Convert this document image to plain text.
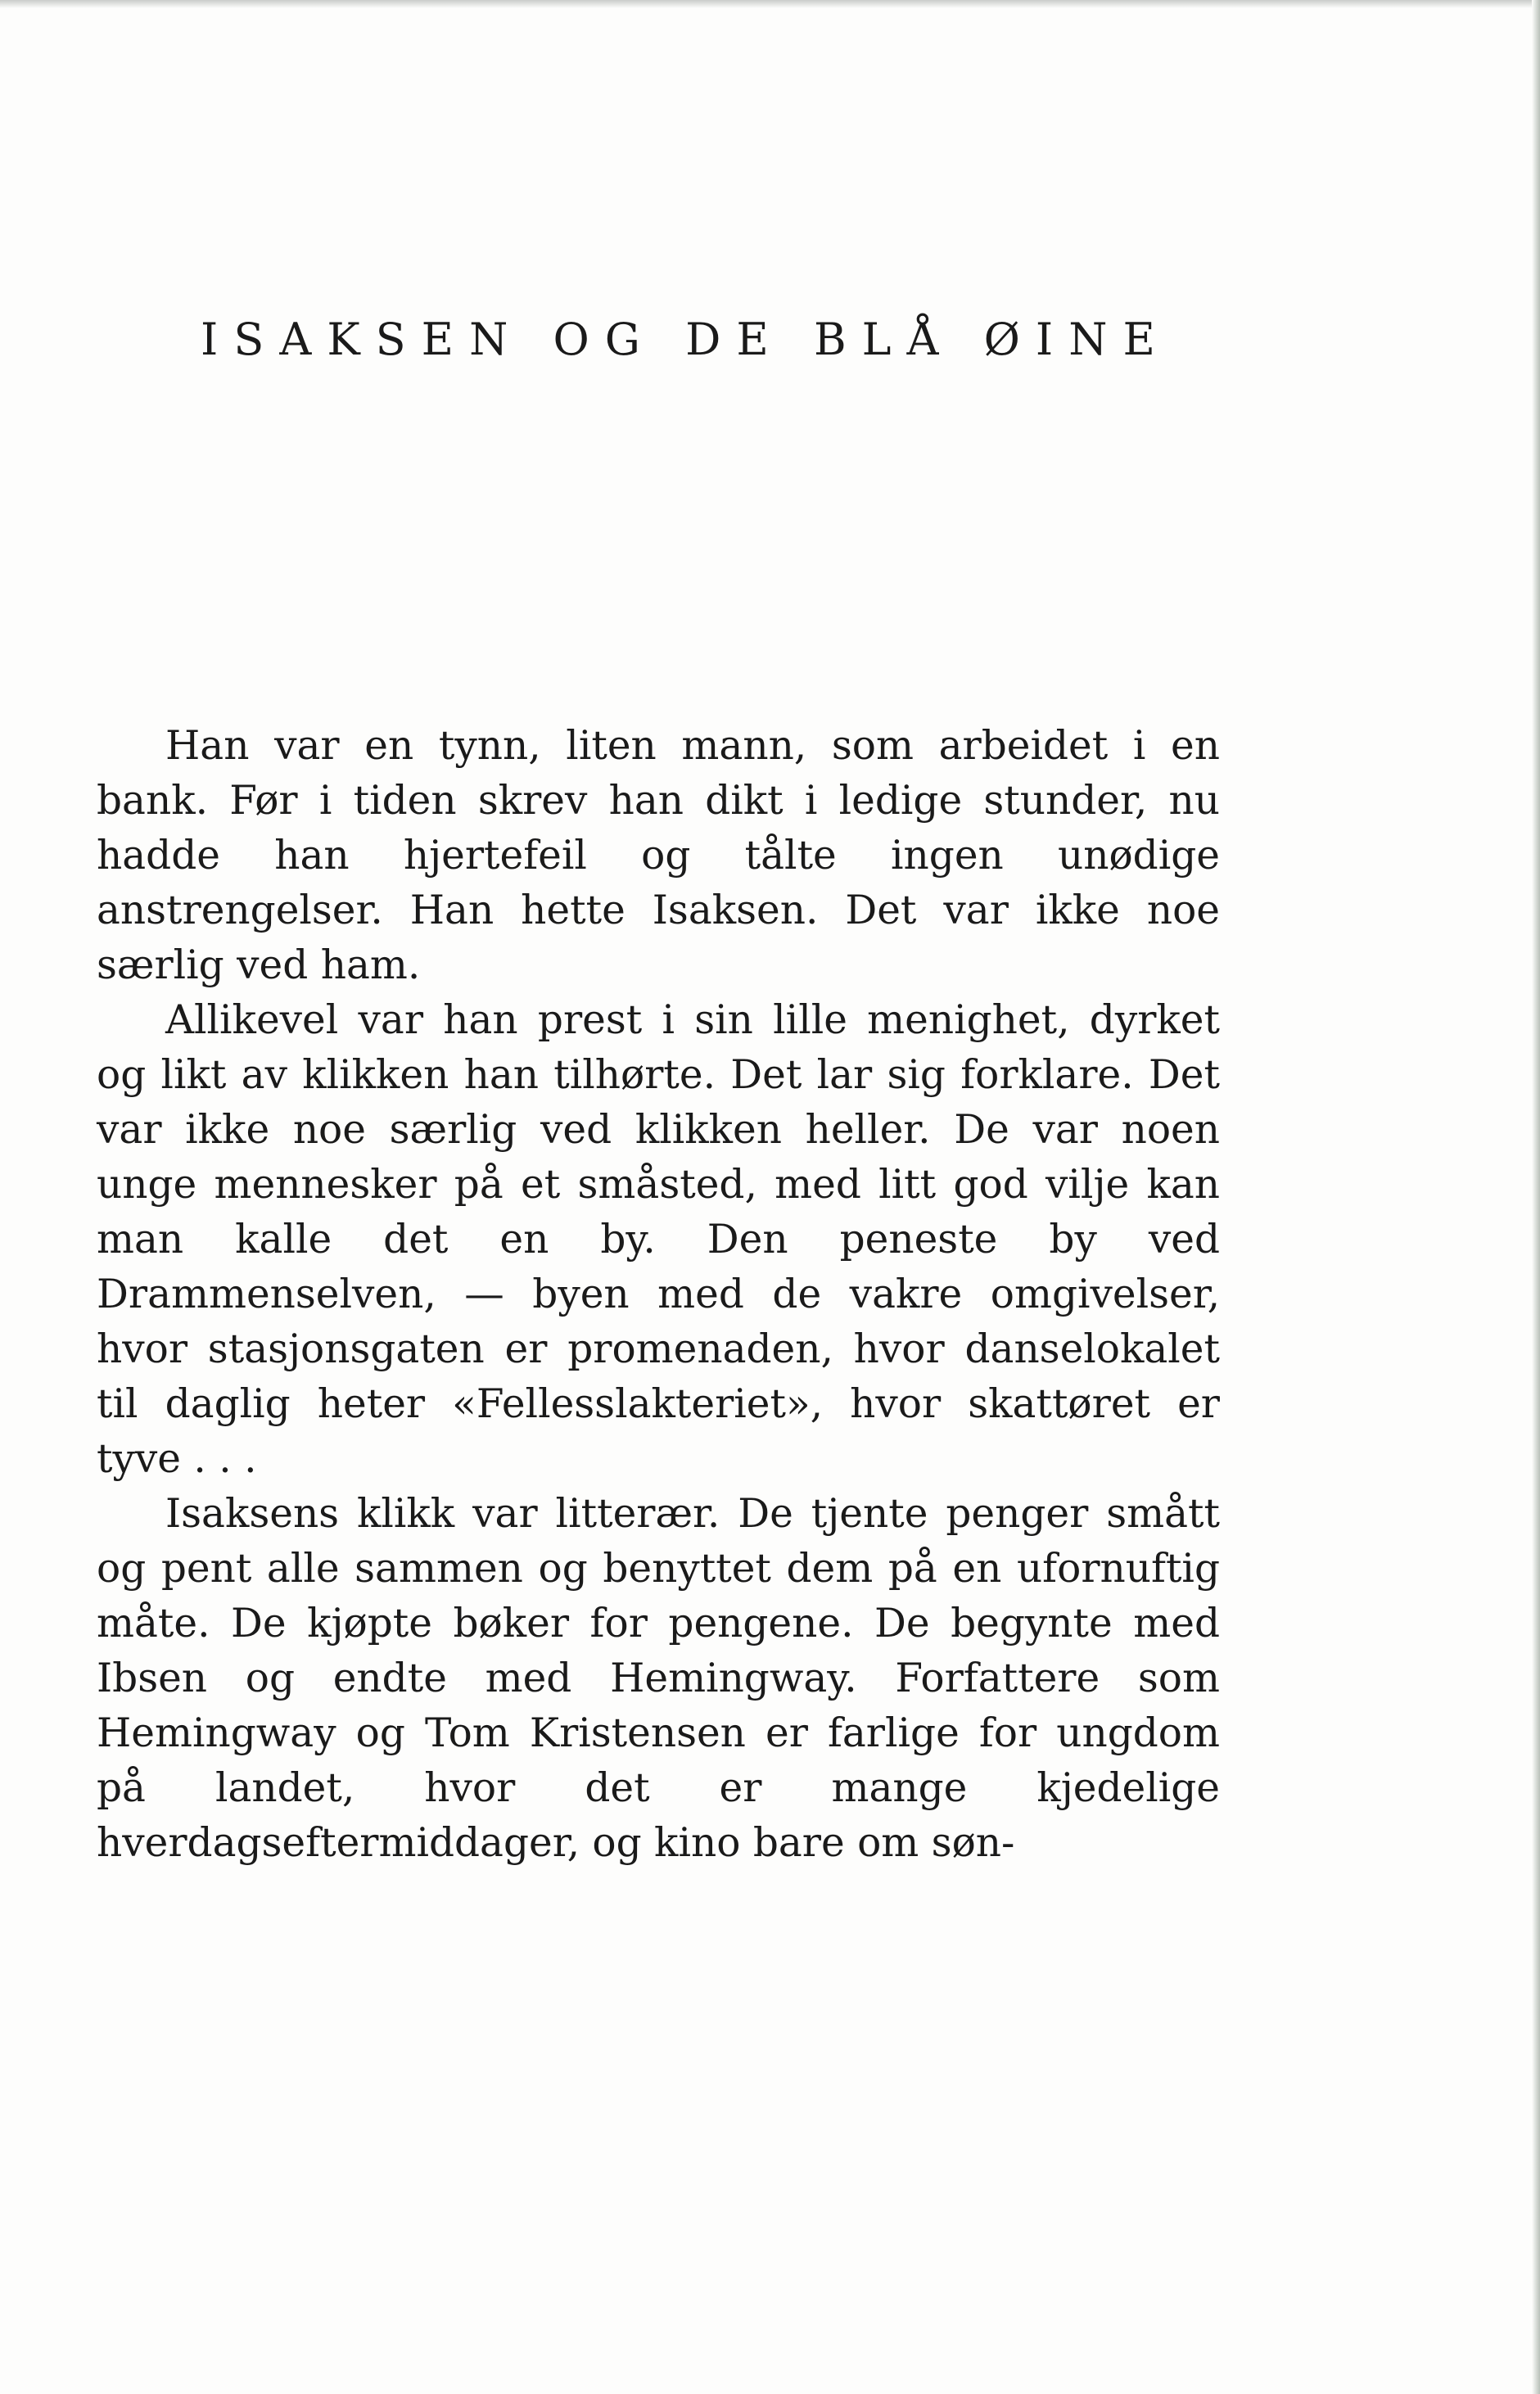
ISAKSEN OG DE BLÅ ØINE

Han var en tynn, liten mann, som arbeidet i en bank. Før i tiden skrev han dikt i ledige stunder, nu hadde han hjertefeil og tålte ingen unødige anstrengelser. Han hette Isaksen. Det var ikke noe særlig ved ham.

Allikevel var han prest i sin lille menighet, dyrket og likt av klikken han tilhørte. Det lar sig forklare. Det var ikke noe særlig ved klikken heller. De var noen unge mennesker på et småsted, med litt god vilje kan man kalle det en by. Den peneste by ved Drammenselven, — byen med de vakre omgivelser, hvor stasjonsgaten er promenaden, hvor danselokalet til daglig heter «Fellesslakteriet», hvor skattøret er tyve . . .

Isaksens klikk var litterær. De tjente penger smått og pent alle sammen og benyttet dem på en ufornuftig måte. De kjøpte bøker for pengene. De begynte med Ibsen og endte med Hemingway. Forfattere som Hemingway og Tom Kristensen er farlige for ungdom på landet, hvor det er mange kjedelige hverdagseftermiddager, og kino bare om søn-
